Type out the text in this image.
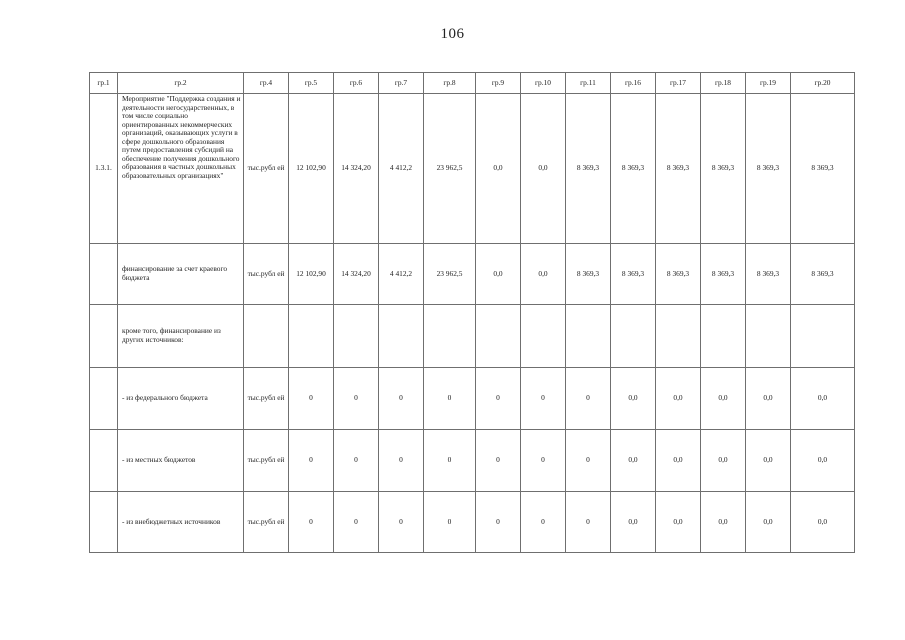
106
гр.1	гр.2	гр.4	гр.5	гр.6	гр.7	гр.8	гр.9	гр.10	гр.11	гр.16	гр.17	гр.18	гр.19	гр.20
1.3.1.	Мероприятие "Поддержка создания и деятельности негосударственных, в том числе социально ориентированных некоммерческих организаций, оказывающих услуги в сфере дошкольного образования путем предоставления субсидий на обеспечение получения дошкольного образования в частных дошкольных образовательных организациях"	тыс.рубл ей	12 102,90	14 324,20	4 412,2	23 962,5	0,0	0,0	8 369,3	8 369,3	8 369,3	8 369,3	8 369,3	8 369,3
	финансирование за счет краевого бюджета	тыс.рубл ей	12 102,90	14 324,20	4 412,2	23 962,5	0,0	0,0	8 369,3	8 369,3	8 369,3	8 369,3	8 369,3	8 369,3
	кроме того, финансирование из других источников:													
	- из федерального бюджета	тыс.рубл ей	0	0	0	0	0	0	0	0,0	0,0	0,0	0,0	0,0
	- из местных бюджетов	тыс.рубл ей	0	0	0	0	0	0	0	0,0	0,0	0,0	0,0	0,0
	- из внебюджетных источников	тыс.рубл ей	0	0	0	0	0	0	0	0,0	0,0	0,0	0,0	0,0
